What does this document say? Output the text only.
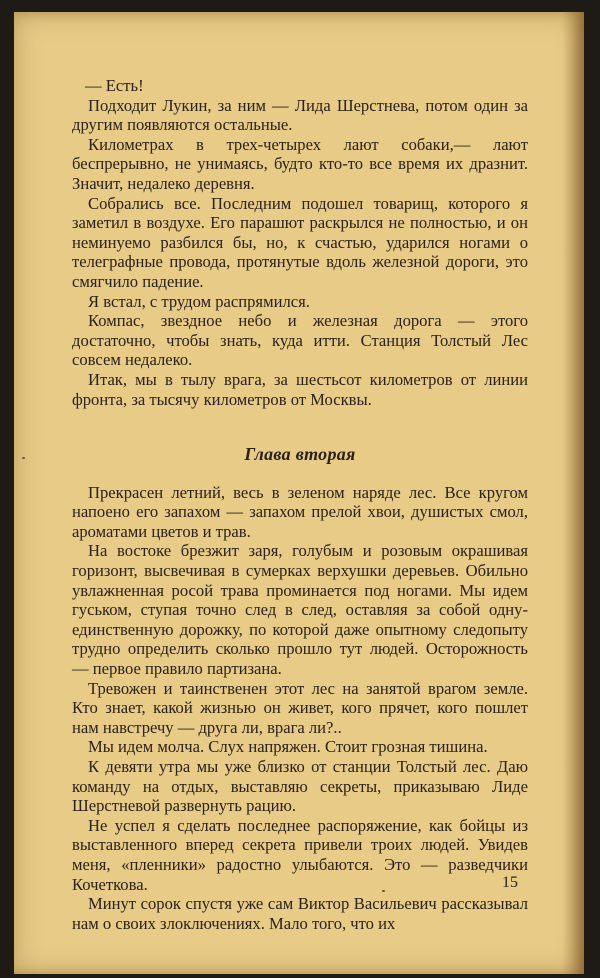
— Есть!

Подходит Лукин, за ним — Лида Шерстнева, потом один за другим появляются остальные.

Километрах в трех-четырех лают собаки,— лают беспрерывно, не унимаясь, будто кто-то все время их дразнит. Значит, недалеко деревня.

Собрались все. Последним подошел товарищ, которого я заметил в воздухе. Его парашют раскрылся не полностью, и он неминуемо разбился бы, но, к счастью, ударился ногами о телеграфные провода, протянутые вдоль железной дороги, это смягчило падение.

Я встал, с трудом распрямился.

Компас, звездное небо и железная дорога — этого достаточно, чтобы знать, куда итти. Станция Толстый Лес совсем недалеко.

Итак, мы в тылу врага, за шестьсот километров от линии фронта, за тысячу километров от Москвы.

Глава вторая

Прекрасен летний, весь в зеленом наряде лес. Все кругом напоено его запахом — запахом прелой хвои, душистых смол, ароматами цветов и трав.

На востоке брезжит заря, голубым и розовым окрашивая горизонт, высвечивая в сумерках верхушки деревьев. Обильно увлажненная росой трава проминается под ногами. Мы идем гуськом, ступая точно след в след, оставляя за собой одну-единственную дорожку, по которой даже опытному следопыту трудно определить сколько прошло тут людей. Осторожность — первое правило партизана.

Тревожен и таинственен этот лес на занятой врагом земле. Кто знает, какой жизнью он живет, кого прячет, кого пошлет нам навстречу — друга ли, врага ли?..

Мы идем молча. Слух напряжен. Стоит грозная тишина.

К девяти утра мы уже близко от станции Толстый лес. Даю команду на отдых, выставляю секреты, приказываю Лиде Шерстневой развернуть рацию.

Не успел я сделать последнее распоряжение, как бойцы из выставленного вперед секрета привели троих людей. Увидев меня, «пленники» радостно улыбаются. Это — разведчики Кочеткова.

Минут сорок спустя уже сам Виктор Васильевич рассказывал нам о своих злоключениях. Мало того, что их

15
